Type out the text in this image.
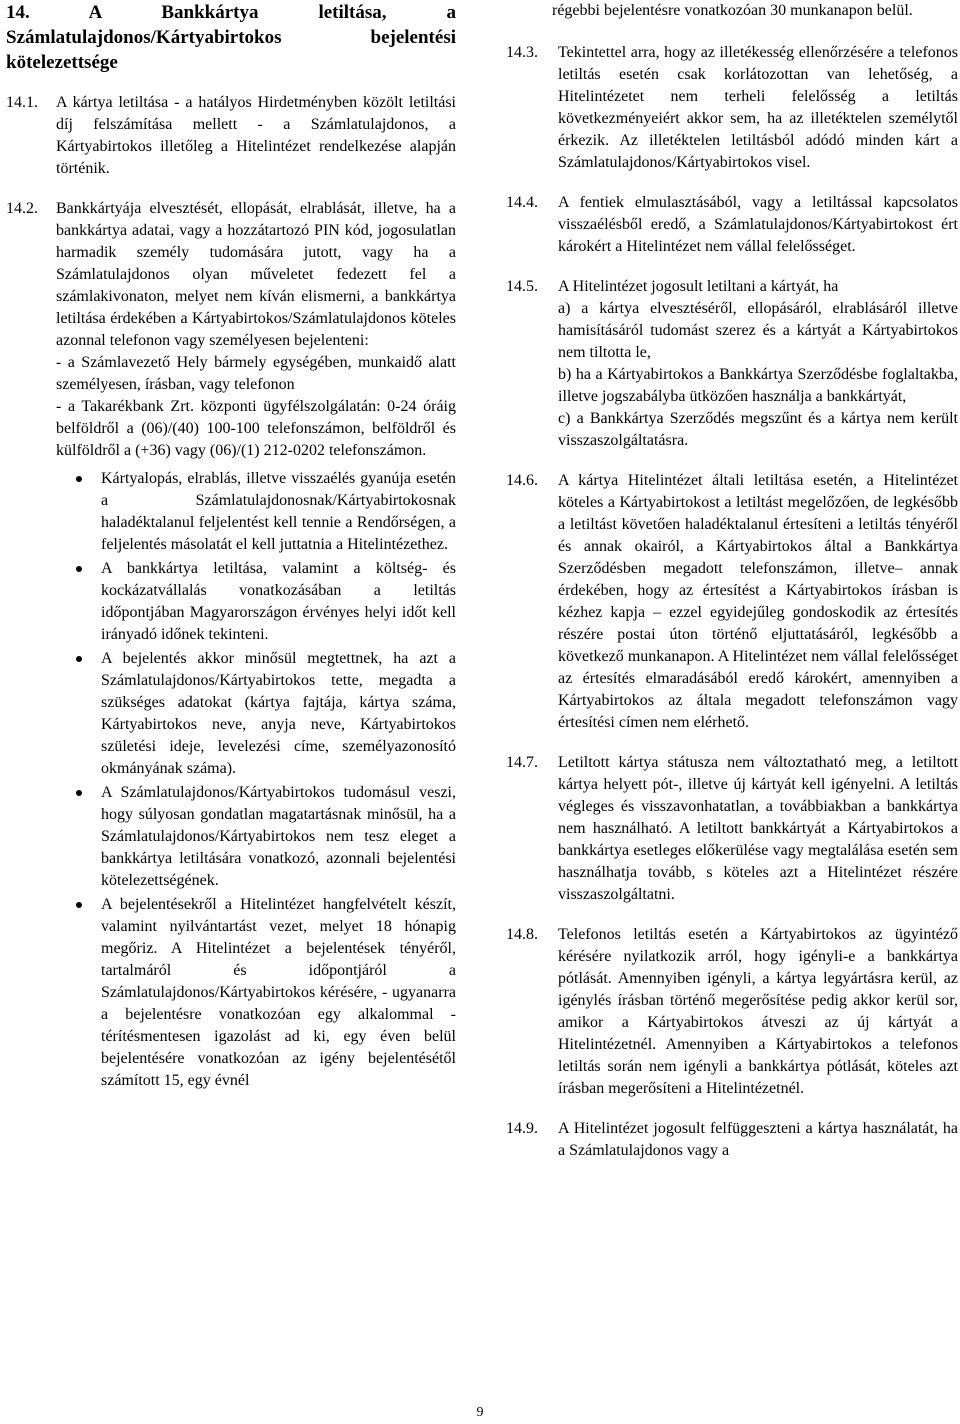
14. A Bankkártya letiltása, a Számlatulajdonos/Kártyabirtokos bejelentési kötelezettsége

14.1. A kártya letiltása - a hatályos Hirdetményben közölt letiltási díj felszámítása mellett - a Számlatulajdonos, a Kártyabirtokos illetőleg a Hitelintézet rendelkezése alapján történik.

14.2. Bankkártyája elvesztését, ellopását, elrablását, illetve, ha a bankkártya adatai, vagy a hozzátartozó PIN kód, jogosulatlan harmadik személy tudomására jutott, vagy ha a Számlatulajdonos olyan műveletet fedezett fel a számlakivonaton, melyet nem kíván elismerni, a bankkártya letiltása érdekében a Kártyabirtokos/Számlatulajdonos köteles azonnal telefonon vagy személyesen bejelenteni:

- a Számlavezető Hely bármely egységében, munkaidő alatt személyesen, írásban, vagy telefonon

- a Takarékbank Zrt. központi ügyfélszolgálatán: 0-24 óráig belföldről a (06)/(40) 100-100 telefonszámon, belföldről és külföldről a (+36) vagy (06)/(1) 212-0202 telefonszámon.

Kártyalopás, elrablás, illetve visszaélés gyanúja esetén a Számlatulajdonosnak/Kártyabirtokosnak haladéktalanul feljelentést kell tennie a Rendőrségen, a feljelentés másolatát el kell juttatnia a Hitelintézethez.
A bankkártya letiltása, valamint a költség- és kockázatvállalás vonatkozásában a letiltás időpontjában Magyarországon érvényes helyi időt kell irányadó időnek tekinteni.
A bejelentés akkor minősül megtettnek, ha azt a Számlatulajdonos/Kártyabirtokos tette, megadta a szükséges adatokat (kártya fajtája, kártya száma, Kártyabirtokos neve, anyja neve, Kártyabirtokos születési ideje, levelezési címe, személyazonosító okmányának száma).
A Számlatulajdonos/Kártyabirtokos tudomásul veszi, hogy súlyosan gondatlan magatartásnak minősül, ha a Számlatulajdonos/Kártyabirtokos nem tesz eleget a bankkártya letiltására vonatkozó, azonnali bejelentési kötelezettségének.
A bejelentésekről a Hitelintézet hangfelvételt készít, valamint nyilvántartást vezet, melyet 18 hónapig megőriz. A Hitelintézet a bejelentések tényéről, tartalmáról és időpontjáról a Számlatulajdonos/Kártyabirtokos kérésére, - ugyanarra a bejelentésre vonatkozóan egy alkalommal - térítésmentesen igazolást ad ki, egy éven belül bejelentésére vonatkozóan az igény bejelentésétől számított 15, egy évnél

régebbi bejelentésre vonatkozóan 30 munkanapon belül.

14.3. Tekintettel arra, hogy az illetékesség ellenőrzésére a telefonos letiltás esetén csak korlátozottan van lehetőség, a Hitelintézetet nem terheli felelősség a letiltás következményeiért akkor sem, ha az illetéktelen személytől érkezik. Az illetéktelen letiltásból adódó minden kárt a Számlatulajdonos/Kártyabirtokos visel.

14.4. A fentiek elmulasztásából, vagy a letiltással kapcsolatos visszaélésből eredő, a Számlatulajdonos/Kártyabirtokost ért károkért a Hitelintézet nem vállal felelősséget.

14.5. A Hitelintézet jogosult letiltani a kártyát, ha

a) a kártya elvesztéséről, ellopásáról, elrablásáról illetve hamisításáról tudomást szerez és a kártyát a Kártyabirtokos nem tiltotta le,

b) ha a Kártyabirtokos a Bankkártya Szerződésbe foglaltakba, illetve jogszabályba ütközően használja a bankkártyát,

c) a Bankkártya Szerződés megszűnt és a kártya nem került visszaszolgáltatásra.

14.6. A kártya Hitelintézet általi letiltása esetén, a Hitelintézet köteles a Kártyabirtokost a letiltást megelőzően, de legkésőbb a letiltást követően haladéktalanul értesíteni a letiltás tényéről és annak okairól, a Kártyabirtokos által a Bankkártya Szerződésben megadott telefonszámon, illetve– annak érdekében, hogy az értesítést a Kártyabirtokos írásban is kézhez kapja – ezzel egyidejűleg gondoskodik az értesítés részére postai úton történő eljuttatásáról, legkésőbb a következő munkanapon. A Hitelintézet nem vállal felelősséget az értesítés elmaradásából eredő károkért, amennyiben a Kártyabirtokos az általa megadott telefonszámon vagy értesítési címen nem elérhető.

14.7. Letiltott kártya státusza nem változtatható meg, a letiltott kártya helyett pót-, illetve új kártyát kell igényelni. A letiltás végleges és visszavonhatatlan, a továbbiakban a bankkártya nem használható. A letiltott bankkártyát a Kártyabirtokos a bankkártya esetleges előkerülése vagy megtalálása esetén sem használhatja tovább, s köteles azt a Hitelintézet részére visszaszolgáltatni.

14.8. Telefonos letiltás esetén a Kártyabirtokos az ügyintéző kérésére nyilatkozik arról, hogy igényli-e a bankkártya pótlását. Amennyiben igényli, a kártya legyártásra kerül, az igénylés írásban történő megerősítése pedig akkor kerül sor, amikor a Kártyabirtokos átveszi az új kártyát a Hitelintézetnél. Amennyiben a Kártyabirtokos a telefonos letiltás során nem igényli a bankkártya pótlását, köteles azt írásban megerősíteni a Hitelintézetnél.

14.9. A Hitelintézet jogosult felfüggeszteni a kártya használatát, ha a Számlatulajdonos vagy a

9
